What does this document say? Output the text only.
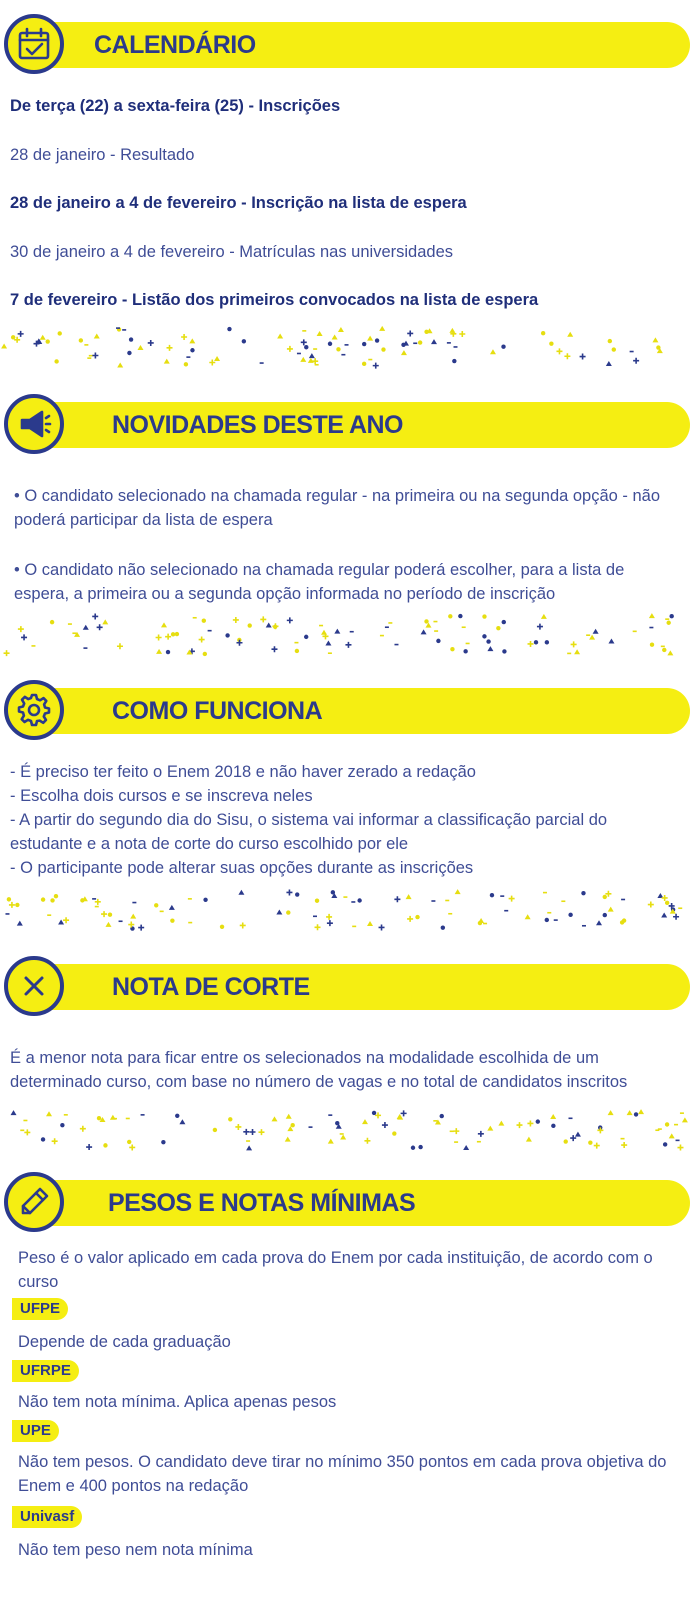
CALENDÁRIO
De terça (22) a sexta-feira (25) - Inscrições
28 de janeiro - Resultado
28 de janeiro a 4 de fevereiro - Inscrição na lista de espera
30 de janeiro a 4 de fevereiro - Matrículas nas universidades
7 de fevereiro - Listão dos primeiros convocados na lista de espera
NOVIDADES DESTE ANO
• O candidato selecionado na chamada regular - na primeira ou na segunda opção - não poderá participar da lista de espera
• O candidato não selecionado na chamada regular poderá escolher, para a lista de espera, a primeira ou a segunda opção informada no período de inscrição
COMO FUNCIONA
- É preciso ter feito o Enem 2018 e não haver zerado a redação
- Escolha dois cursos e se inscreva neles
- A partir do segundo dia do Sisu, o sistema vai informar a classificação parcial do estudante e a nota de corte do curso escolhido por ele
- O participante pode alterar suas opções durante as inscrições
NOTA DE CORTE
É a menor nota para ficar entre os selecionados na modalidade escolhida de um determinado curso, com base no número de vagas e no total de candidatos inscritos
PESOS E NOTAS MÍNIMAS
Peso é o valor aplicado em cada prova do Enem por cada instituição, de acordo com o curso
UFPE
Depende de cada graduação
UFRPE
Não tem nota mínima. Aplica apenas pesos
UPE
Não tem pesos. O candidato deve tirar no mínimo 350 pontos em cada prova objetiva do Enem e 400 pontos na redação
Univasf
Não tem peso nem nota mínima
